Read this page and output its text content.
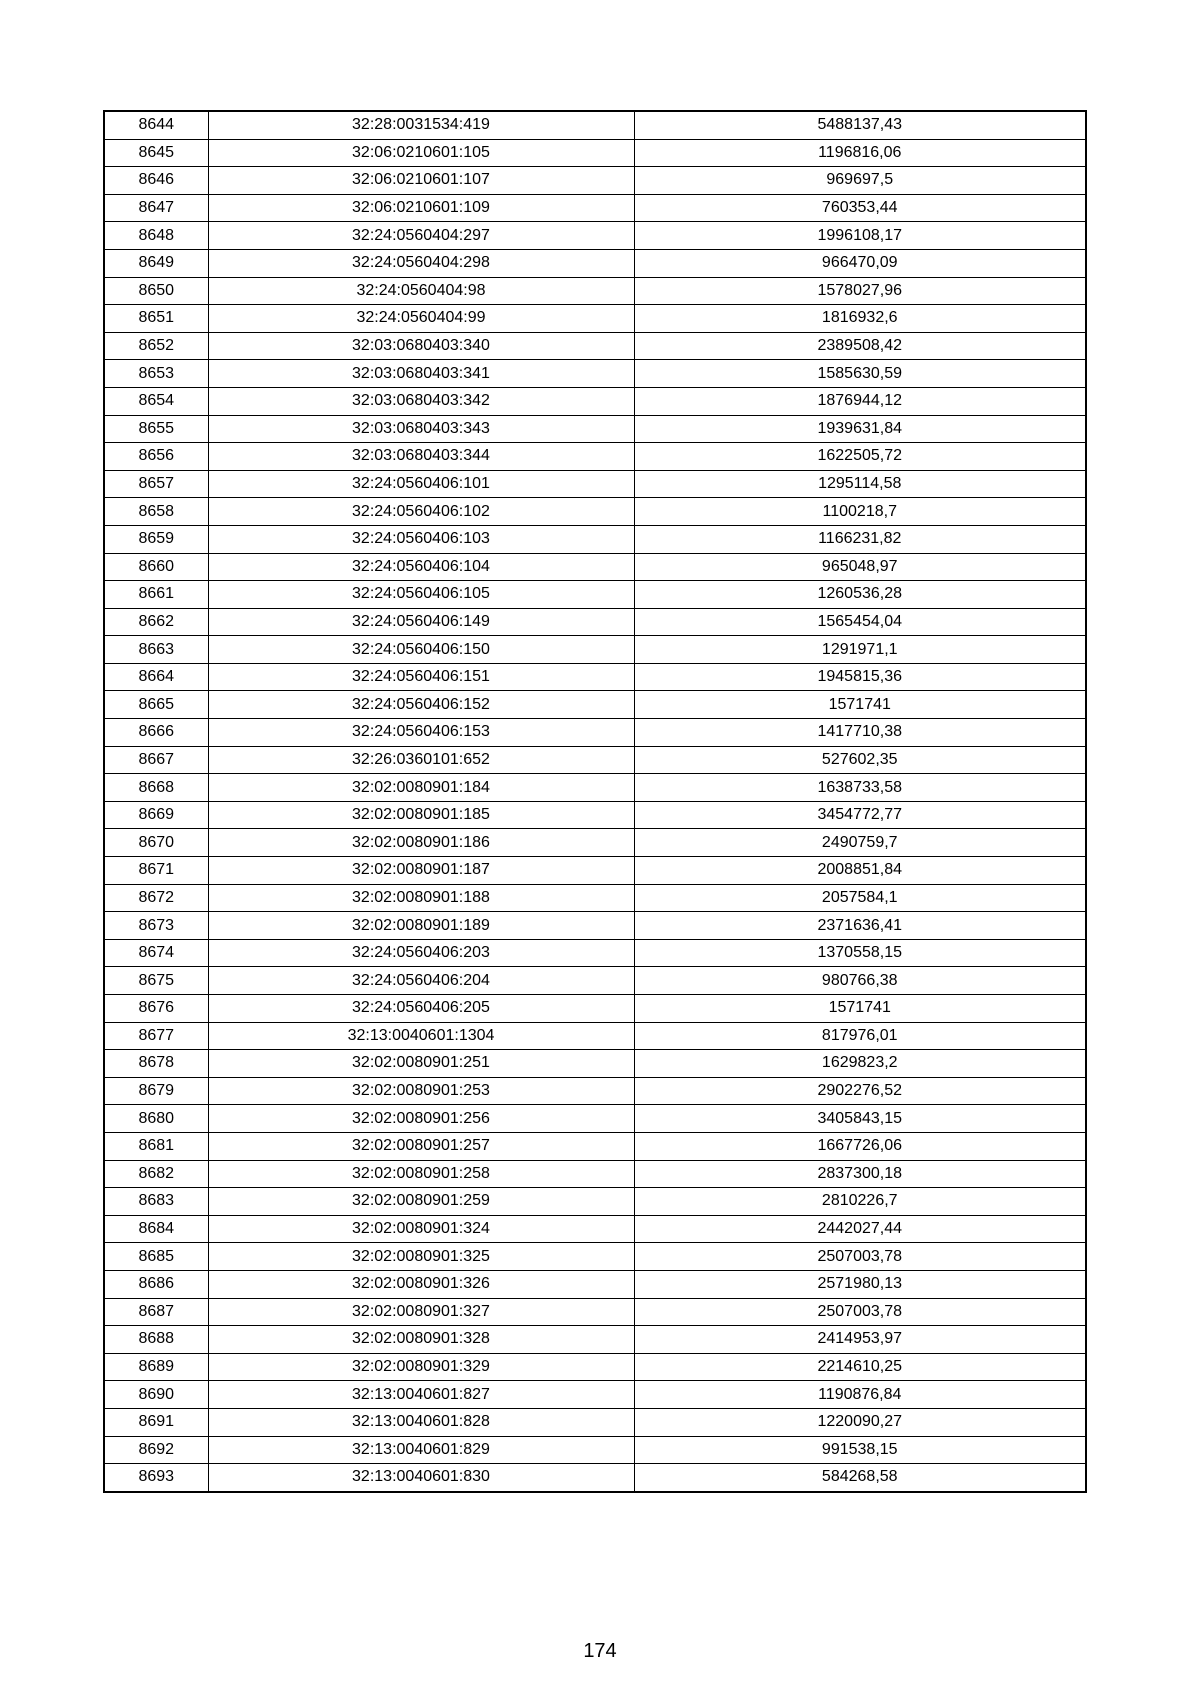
8644	32:28:0031534:419	5488137,43
8645	32:06:0210601:105	1196816,06
8646	32:06:0210601:107	969697,5
8647	32:06:0210601:109	760353,44
8648	32:24:0560404:297	1996108,17
8649	32:24:0560404:298	966470,09
8650	32:24:0560404:98	1578027,96
8651	32:24:0560404:99	1816932,6
8652	32:03:0680403:340	2389508,42
8653	32:03:0680403:341	1585630,59
8654	32:03:0680403:342	1876944,12
8655	32:03:0680403:343	1939631,84
8656	32:03:0680403:344	1622505,72
8657	32:24:0560406:101	1295114,58
8658	32:24:0560406:102	1100218,7
8659	32:24:0560406:103	1166231,82
8660	32:24:0560406:104	965048,97
8661	32:24:0560406:105	1260536,28
8662	32:24:0560406:149	1565454,04
8663	32:24:0560406:150	1291971,1
8664	32:24:0560406:151	1945815,36
8665	32:24:0560406:152	1571741
8666	32:24:0560406:153	1417710,38
8667	32:26:0360101:652	527602,35
8668	32:02:0080901:184	1638733,58
8669	32:02:0080901:185	3454772,77
8670	32:02:0080901:186	2490759,7
8671	32:02:0080901:187	2008851,84
8672	32:02:0080901:188	2057584,1
8673	32:02:0080901:189	2371636,41
8674	32:24:0560406:203	1370558,15
8675	32:24:0560406:204	980766,38
8676	32:24:0560406:205	1571741
8677	32:13:0040601:1304	817976,01
8678	32:02:0080901:251	1629823,2
8679	32:02:0080901:253	2902276,52
8680	32:02:0080901:256	3405843,15
8681	32:02:0080901:257	1667726,06
8682	32:02:0080901:258	2837300,18
8683	32:02:0080901:259	2810226,7
8684	32:02:0080901:324	2442027,44
8685	32:02:0080901:325	2507003,78
8686	32:02:0080901:326	2571980,13
8687	32:02:0080901:327	2507003,78
8688	32:02:0080901:328	2414953,97
8689	32:02:0080901:329	2214610,25
8690	32:13:0040601:827	1190876,84
8691	32:13:0040601:828	1220090,27
8692	32:13:0040601:829	991538,15
8693	32:13:0040601:830	584268,58
174
